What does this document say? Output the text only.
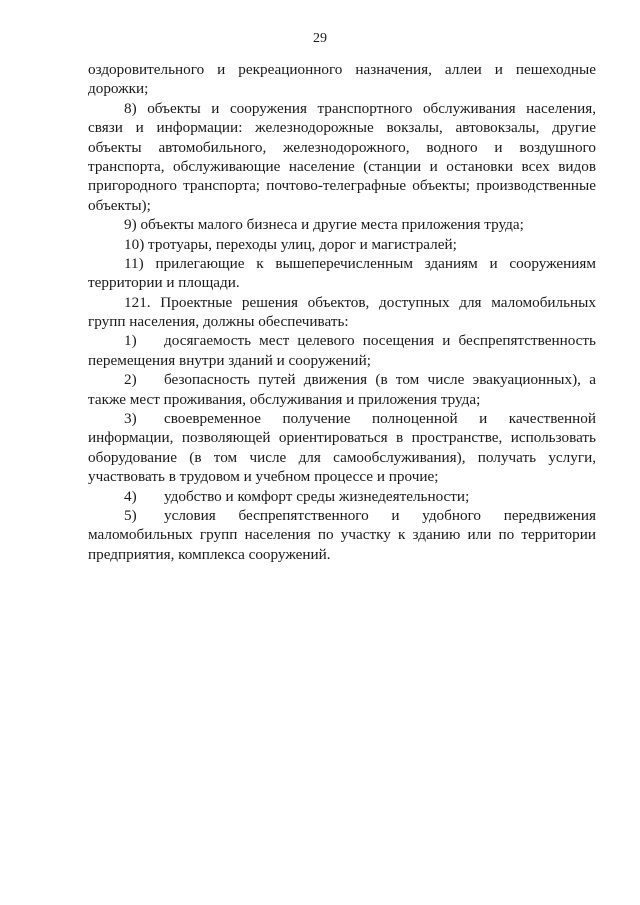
29
оздоровительного и рекреационного назначения, аллеи и пешеходные
дорожки;
8) объекты и сооружения транспортного обслуживания населения,
связи и информации: железнодорожные вокзалы, автовокзалы, другие
объекты автомобильного, железнодорожного, водного и воздушного
транспорта, обслуживающие население (станции и остановки всех видов
пригородного транспорта; почтово-телеграфные объекты; производственные
объекты);
9) объекты малого бизнеса и другие места приложения труда;
10) тротуары, переходы улиц, дорог и магистралей;
11) прилегающие к вышеперечисленным зданиям и сооружениям
территории и площади.
121. Проектные решения объектов, доступных для маломобильных
групп населения, должны обеспечивать:
1) досягаемость мест целевого посещения и беспрепятственность
перемещения внутри зданий и сооружений;
2) безопасность путей движения (в том числе эвакуационных), а
также мест проживания, обслуживания и приложения труда;
3) своевременное получение полноценной и качественной
информации, позволяющей ориентироваться в пространстве, использовать
оборудование (в том числе для самообслуживания), получать услуги,
участвовать в трудовом и учебном процессе и прочие;
4) удобство и комфорт среды жизнедеятельности;
5) условия беспрепятственного и удобного передвижения
маломобильных групп населения по участку к зданию или по территории
предприятия, комплекса сооружений.
